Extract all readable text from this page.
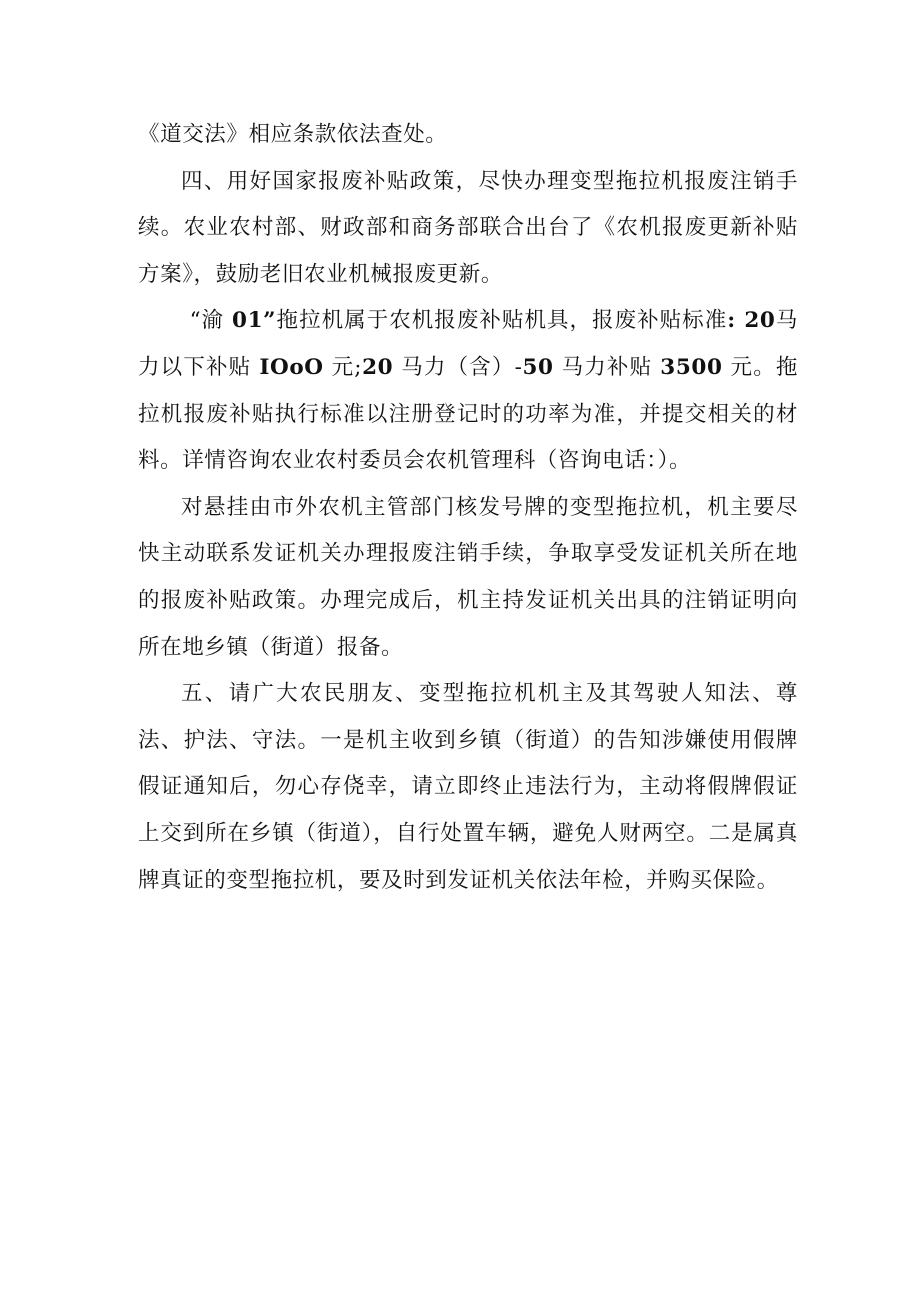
《道交法》相应条款依法查处。

四、用好国家报废补贴政策，尽快办理变型拖拉机报废注销手续。农业农村部、财政部和商务部联合出台了《农机报废更新补贴方案》，鼓励老旧农业机械报废更新。

“渝 01”拖拉机属于农机报废补贴机具，报废补贴标准: 20马力以下补贴 IOoO 元;20 马力（含）-50 马力补贴 3500 元。拖拉机报废补贴执行标准以注册登记时的功率为准，并提交相关的材料。详情咨询农业农村委员会农机管理科（咨询电话：）。

对悬挂由市外农机主管部门核发号牌的变型拖拉机，机主要尽快主动联系发证机关办理报废注销手续，争取享受发证机关所在地的报废补贴政策。办理完成后，机主持发证机关出具的注销证明向所在地乡镇（街道）报备。

五、请广大农民朋友、变型拖拉机机主及其驾驶人知法、尊法、护法、守法。一是机主收到乡镇（街道）的告知涉嫌使用假牌假证通知后，勿心存侥幸，请立即终止违法行为，主动将假牌假证上交到所在乡镇（街道），自行处置车辆，避免人财两空。二是属真牌真证的变型拖拉机，要及时到发证机关依法年检，并购买保险。
